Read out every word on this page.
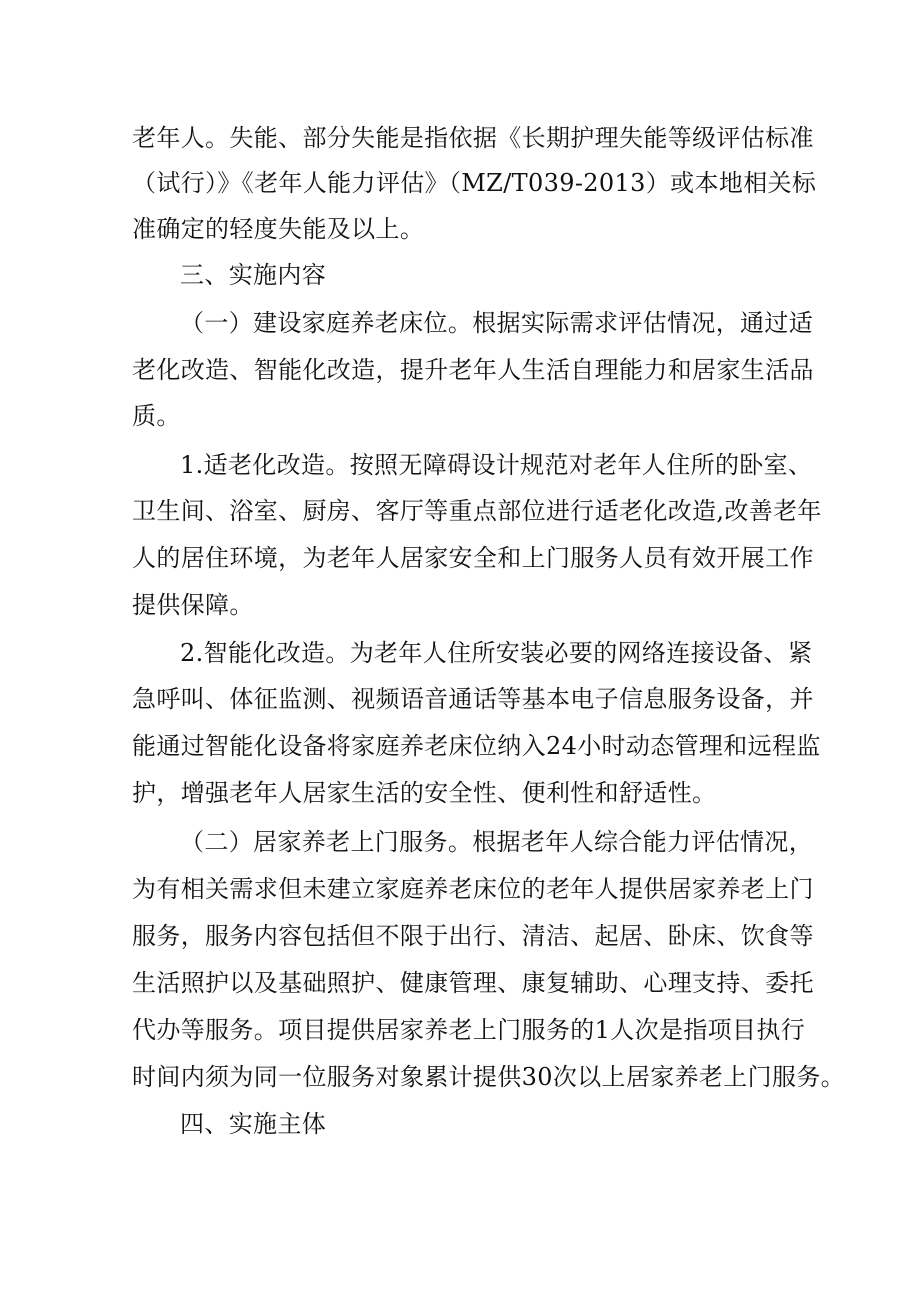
老年人。失能、部分失能是指依据《长期护理失能等级评估标准
（试行）》《老年人能力评估》（MZ/T039-2013）或本地相关标
准确定的轻度失能及以上。
三、实施内容
（一）建设家庭养老床位。根据实际需求评估情况，通过适
老化改造、智能化改造，提升老年人生活自理能力和居家生活品
质。
1.适老化改造。按照无障碍设计规范对老年人住所的卧室、
卫生间、浴室、厨房、客厅等重点部位进行适老化改造,改善老年
人的居住环境，为老年人居家安全和上门服务人员有效开展工作
提供保障。
2.智能化改造。为老年人住所安装必要的网络连接设备、紧
急呼叫、体征监测、视频语音通话等基本电子信息服务设备，并
能通过智能化设备将家庭养老床位纳入24小时动态管理和远程监
护，增强老年人居家生活的安全性、便利性和舒适性。
（二）居家养老上门服务。根据老年人综合能力评估情况，
为有相关需求但未建立家庭养老床位的老年人提供居家养老上门
服务，服务内容包括但不限于出行、清洁、起居、卧床、饮食等
生活照护以及基础照护、健康管理、康复辅助、心理支持、委托
代办等服务。项目提供居家养老上门服务的1人次是指项目执行
时间内须为同一位服务对象累计提供30次以上居家养老上门服务。
四、实施主体
